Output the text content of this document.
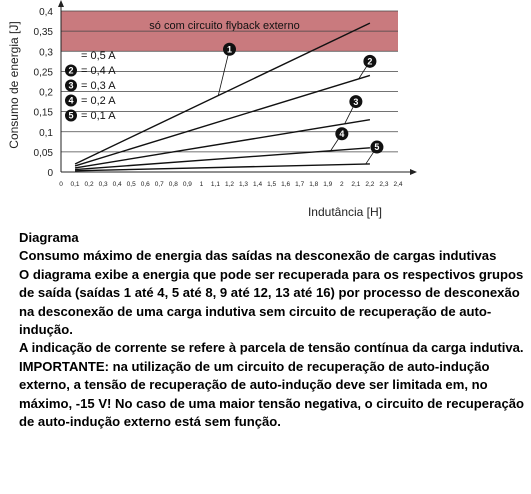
só com circuito flyback externo
0
0,05
0,1
0,15
0,2
0,25
0,3
0,35
0,4
0 0,1 0,2 0,3 0,4 0,5 0,6 0,7 0,8 0,9 1 1,1 1,2 1,3 1,4 1,5 1,6 1,7 1,8 1,9 2 2,1 2,2 2,3 2,4
1
2
3
4
5
= 0,5 A
2 = 0,4 A
3 = 0,3 A
4 = 0,2 A
5 = 0,1 A
Consumo de energia [J]
Indutância [H]

Diagrama

Consumo máximo de energia das saídas na desconexão de cargas indutivas

O diagrama exibe a energia que pode ser recuperada para os respectivos grupos de saída (saídas 1 até 4, 5 até 8, 9 até 12, 13 até 16) por processo de desconexão na desconexão de uma carga indutiva sem circuito de recuperação de auto-indução.

A indicação de corrente se refere à parcela de tensão contínua da carga indutiva.

IMPORTANTE: na utilização de um circuito de recuperação de auto-indução externo, a tensão de recuperação de auto-indução deve ser limitada em, no máximo, -15 V! No caso de uma maior tensão negativa, o circuito de recuperação de auto-indução externo está sem função.
